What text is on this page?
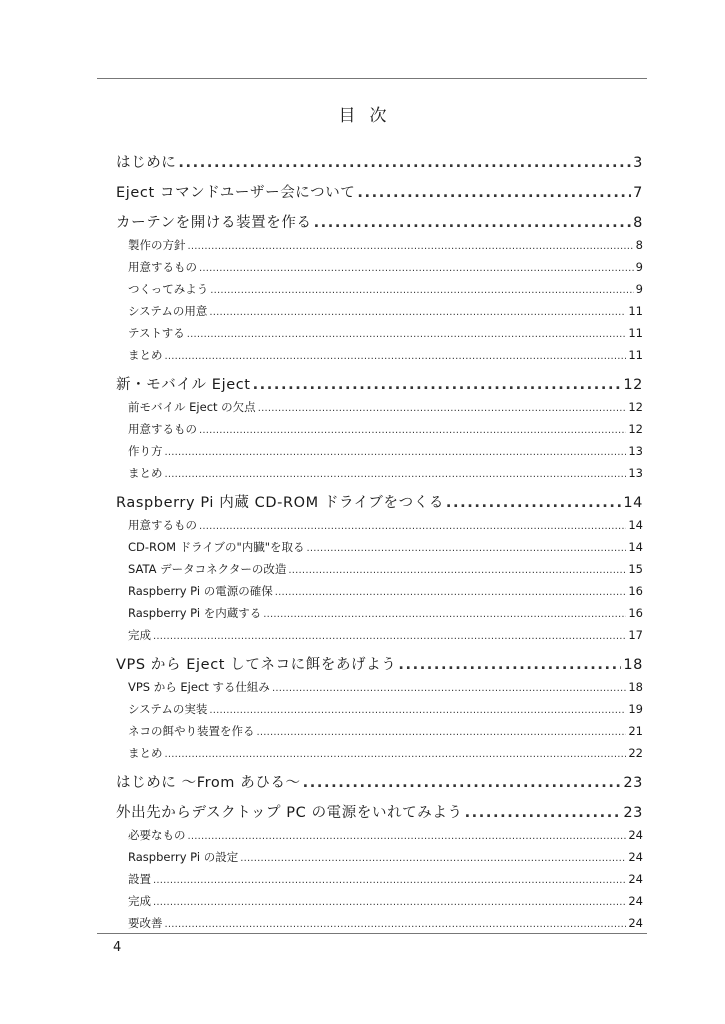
目次
はじめに .....	3
Eject コマンドユーザー会について .....	7
カーテンを開ける装置を作る .....	8
製作の方針 .....	8
用意するもの .....	9
つくってみよう .....	9
システムの用意 .....	11
テストする .....	11
まとめ .....	11
新・モバイル Eject .....	12
前モバイル Eject の欠点 .....	12
用意するもの .....	12
作り方 .....	13
まとめ .....	13
Raspberry Pi 内蔵 CD-ROM ドライブをつくる .....	14
用意するもの .....	14
CD-ROM ドライブの"内臓"を取る .....	14
SATA データコネクターの改造 .....	15
Raspberry Pi の電源の確保 .....	16
Raspberry Pi を内蔵する .....	16
完成 .....	17
VPS から Eject してネコに餌をあげよう .....	18
VPS から Eject する仕組み .....	18
システムの実装 .....	19
ネコの餌やり装置を作る .....	21
まとめ .....	22
はじめに ～From あひる～ .....	23
外出先からデスクトップ PC の電源をいれてみよう .....	23
必要なもの .....	24
Raspberry Pi の設定 .....	24
設置 .....	24
完成 .....	24
要改善 .....	24
4
